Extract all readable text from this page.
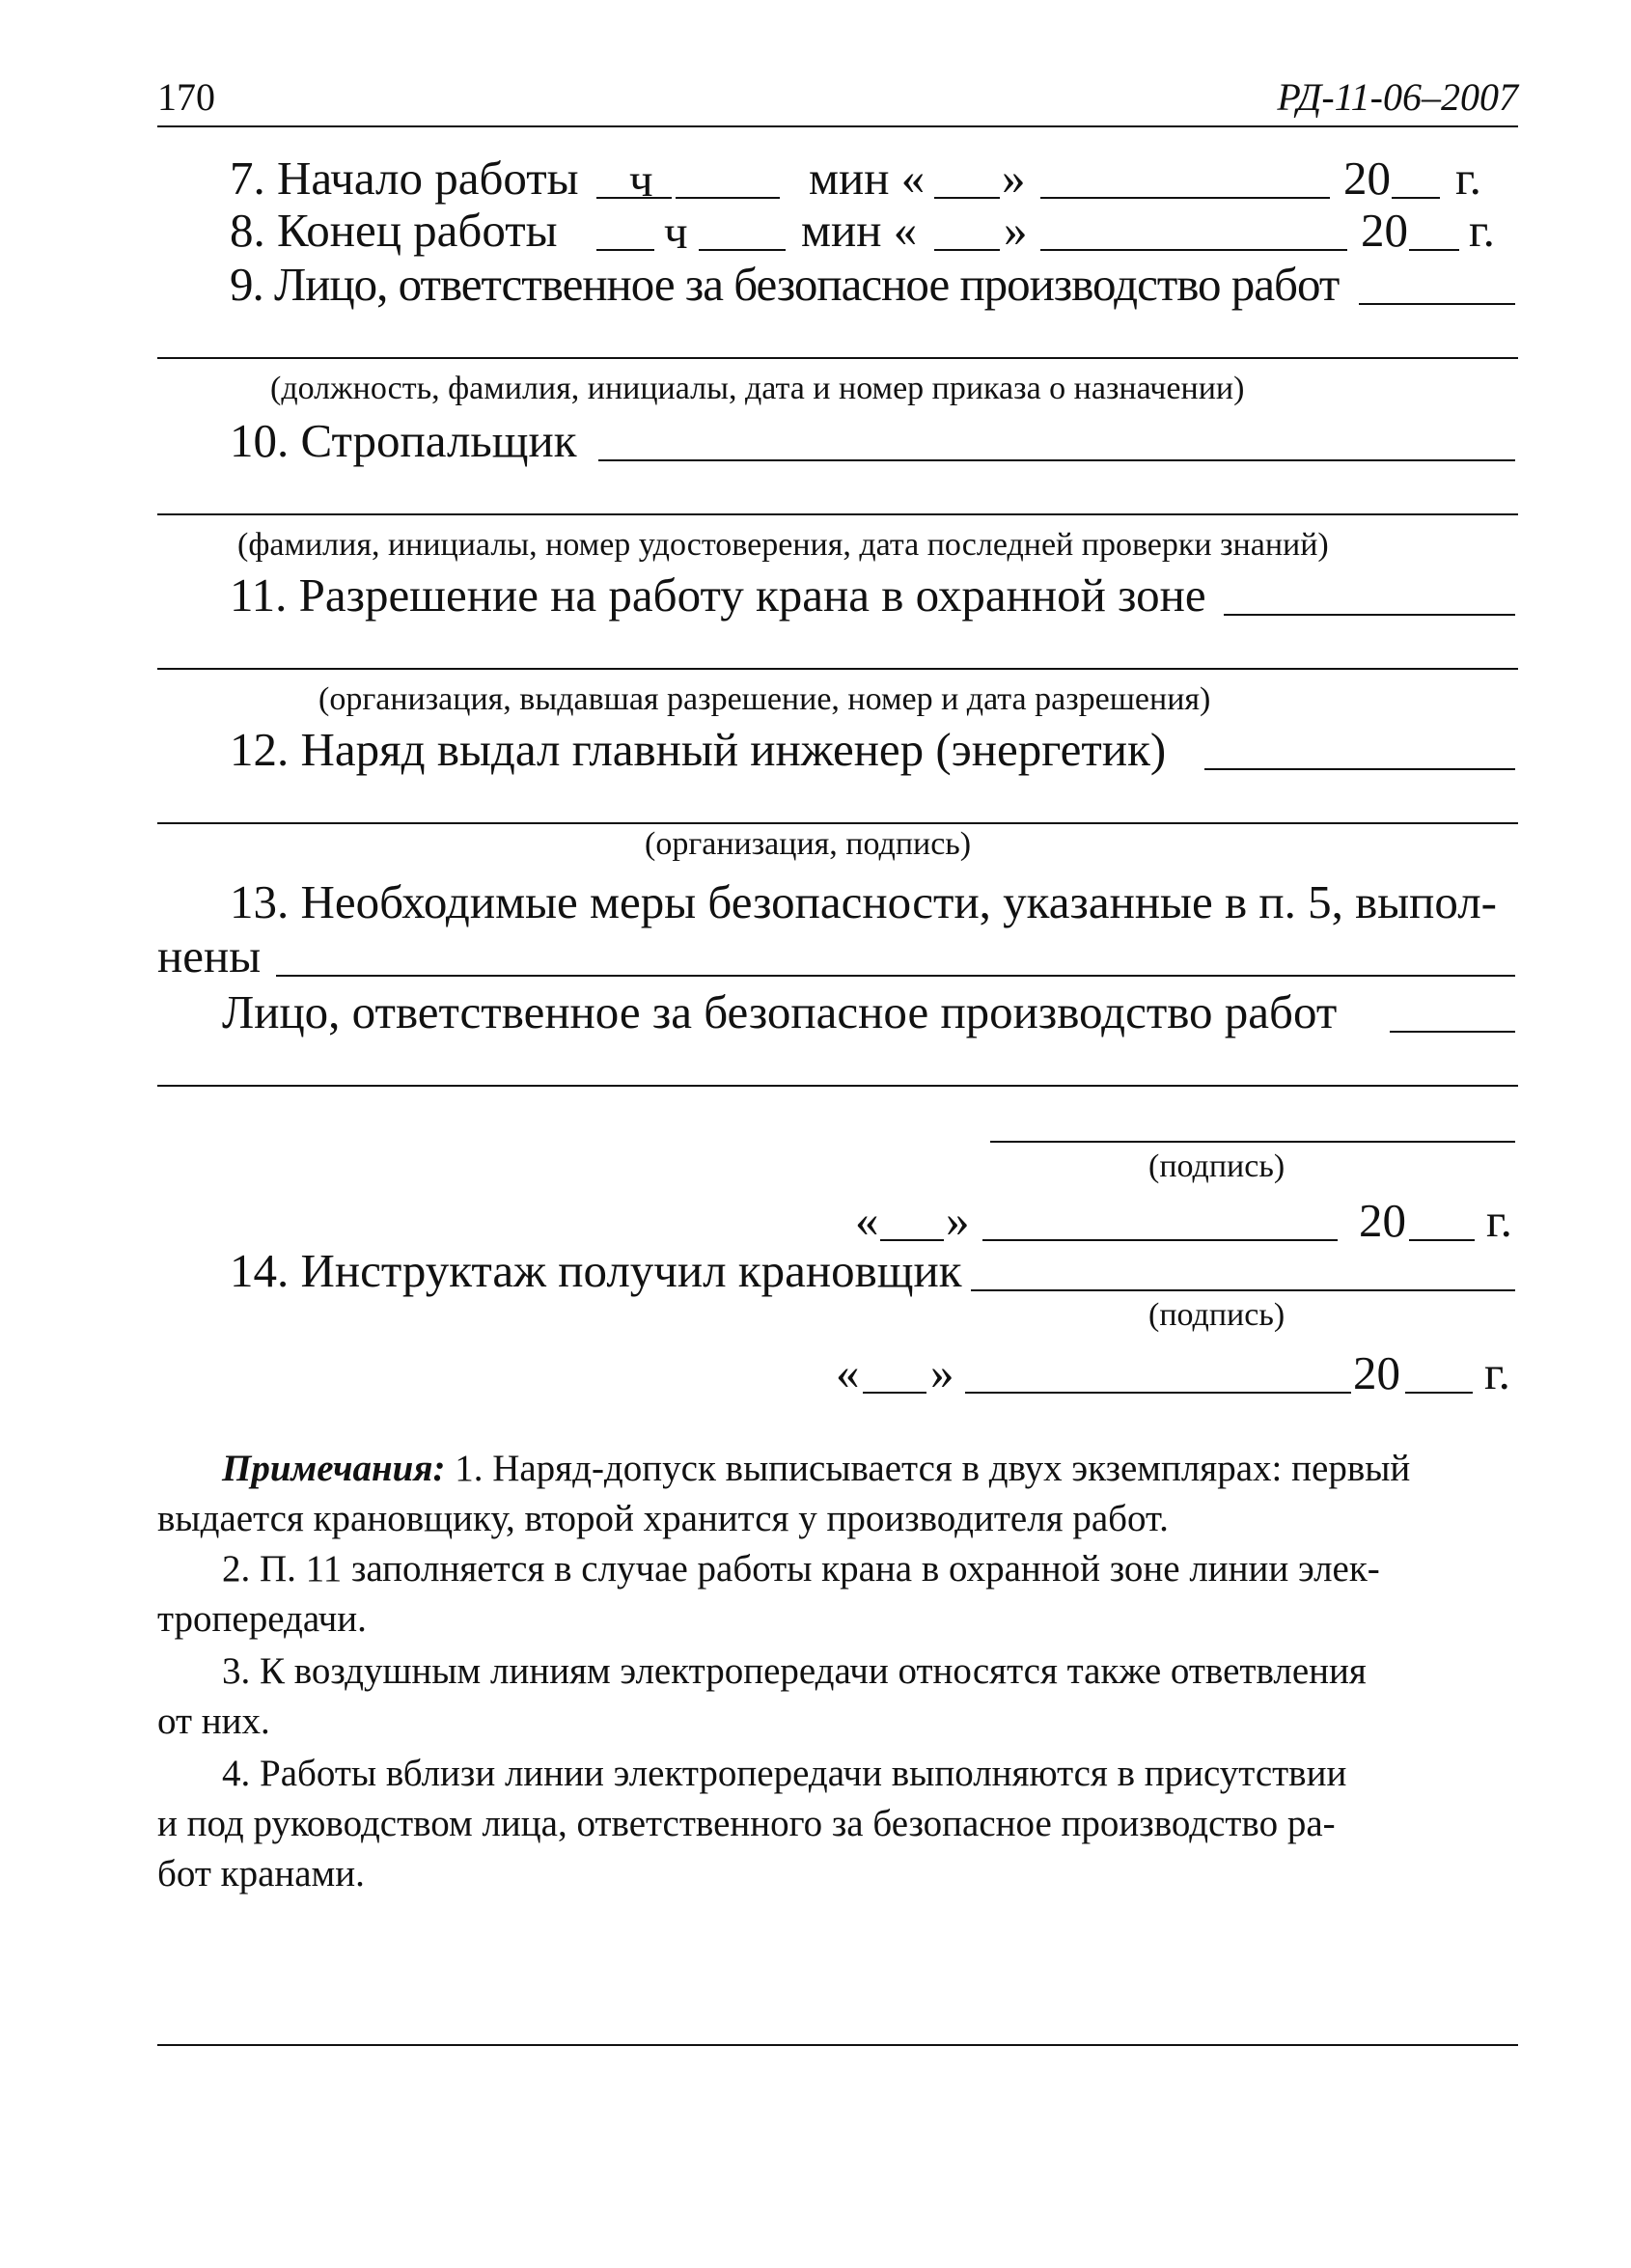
170	РД-11-06–2007
7. Начало работы ч	мин « »	20 г.
8. Конец работы ч мин « »	20 г.
9. Лицо, ответственное за безопасное производство работ
(должность, фамилия, инициалы, дата и номер приказа о назначении)
10. Стропальщик
(фамилия, инициалы, номер удостоверения, дата последней проверки знаний)
11. Разрешение на работу крана в охранной зоне
(организация, выдавшая разрешение, номер и дата разрешения)
12. Наряд выдал главный инженер (энергетик)
(организация, подпись)
13. Необходимые меры безопасности, указанные в п. 5, выпол-
нены
Лицо, ответственное за безопасное производство работ
(подпись)
« »	20 г.
14. Инструктаж получил крановщик
(подпись)
« »	20 г.

Примечания: 1. Наряд-допуск выписывается в двух экземплярах: первый

выдается крановщику, второй хранится у производителя работ.

2. П. 11 заполняется в случае работы крана в охранной зоне линии элек-

тропередачи.

3. К воздушным линиям электропередачи относятся также ответвления

от них.

4. Работы вблизи линии электропередачи выполняются в присутствии

и под руководством лица, ответственного за безопасное производство ра-

бот кранами.
